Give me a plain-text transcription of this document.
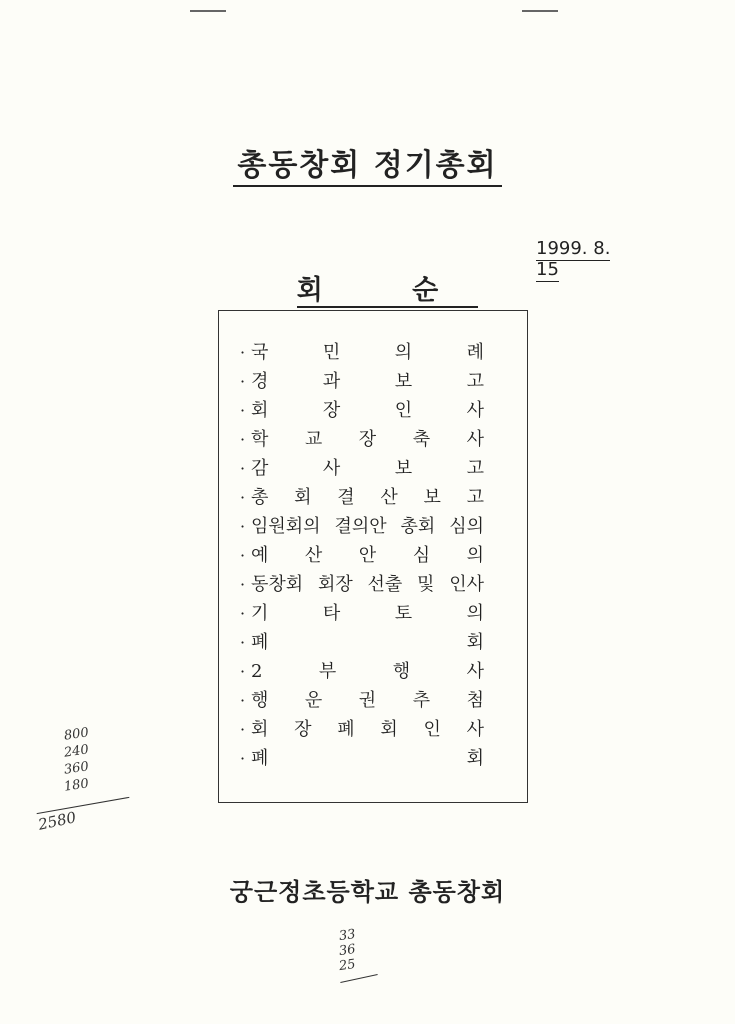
총동창회 정기총회
1999. 8. 15
회 순
· 국 민 의 례
· 경 과 보 고
· 회 장 인 사
· 학 교 장 축 사
· 감 사 보 고
· 총 회 결 산 보 고
· 임원회의 결의안 총회 심의
· 예 산 안 심 의
· 동창회 회장 선출 및 인사
· 기 타 토 의
· 폐 회
· 2 부 행 사
· 행 운 권 추 첨
· 회 장 폐 회 인 사
· 폐 회
궁근정초등학교 총동창회
800
240
360
180
2580
33
36
25
